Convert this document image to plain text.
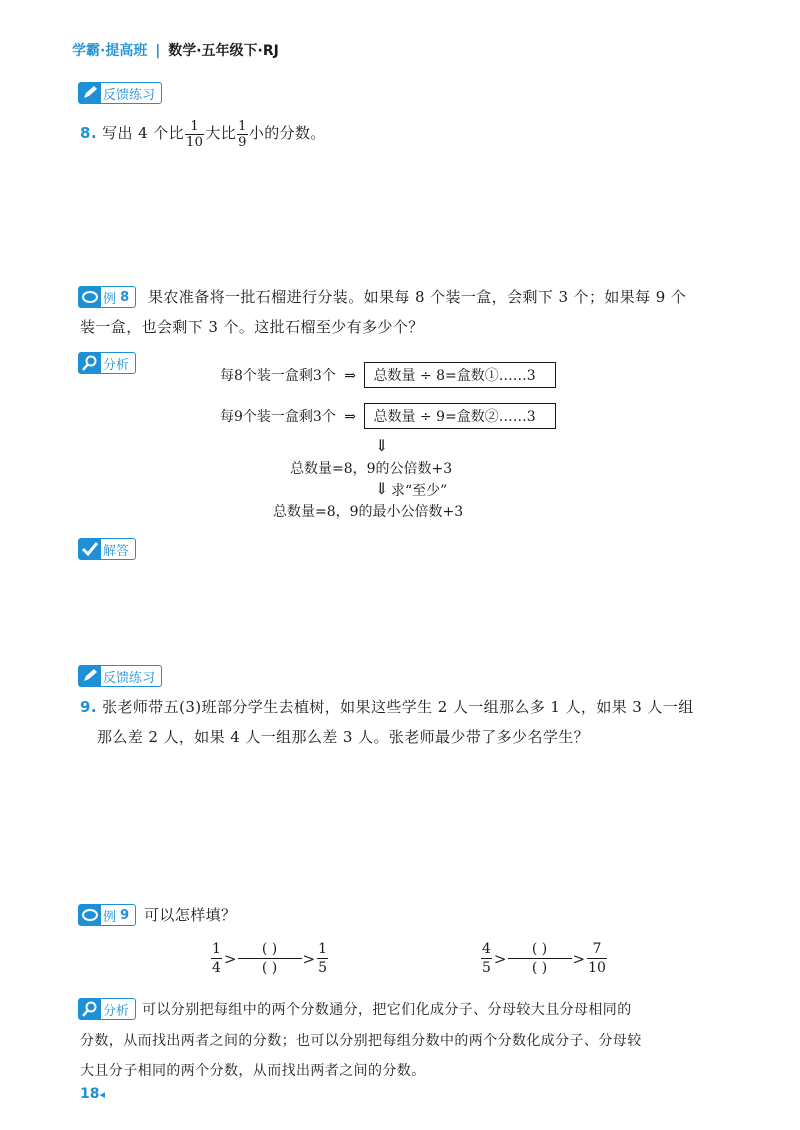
学霸·提高班 | 数学·五年级下·RJ
反馈练习
8. 写出 4 个比 $\frac{1}{10}$ 大比 $\frac{1}{9}$ 小的分数。
例
8 果农准备将一批石榴进行分装。如果每 8 个装一盒，会剩下 3 个；如果每 9 个
装一盒，也会剩下 3 个。这批石榴至少有多少个？
分析
每8个装一盒剩3个 ⇒ 总数量 ÷ 8=盒数①……3
每9个装一盒剩3个 ⇒ 总数量 ÷ 9=盒数②……3
⇓
总数量=8，9的公倍数+3
⇓ 求“至少”
总数量=8，9的最小公倍数+3
解答
反馈练习
9. 张老师带五(3)班部分学生去植树，如果这些学生 2 人一组那么多 1 人，如果 3 人一组
那么差 2 人，如果 4 人一组那么差 3 人。张老师最少带了多少名学生？
例
9 可以怎样填？
$\frac{1}{4}$ >
( )
( )
> $\frac{1}{5}$	$\frac{4}{5}$ >
( )
( )
> $\frac{7}{10}$
分析 可以分别把每组中的两个分数通分，把它们化成分子、分母较大且分母相同的
分数，从而找出两者之间的分数；也可以分别把每组分数中的两个分数化成分子、分母较
大且分子相同的两个分数，从而找出两者之间的分数。
18◂
